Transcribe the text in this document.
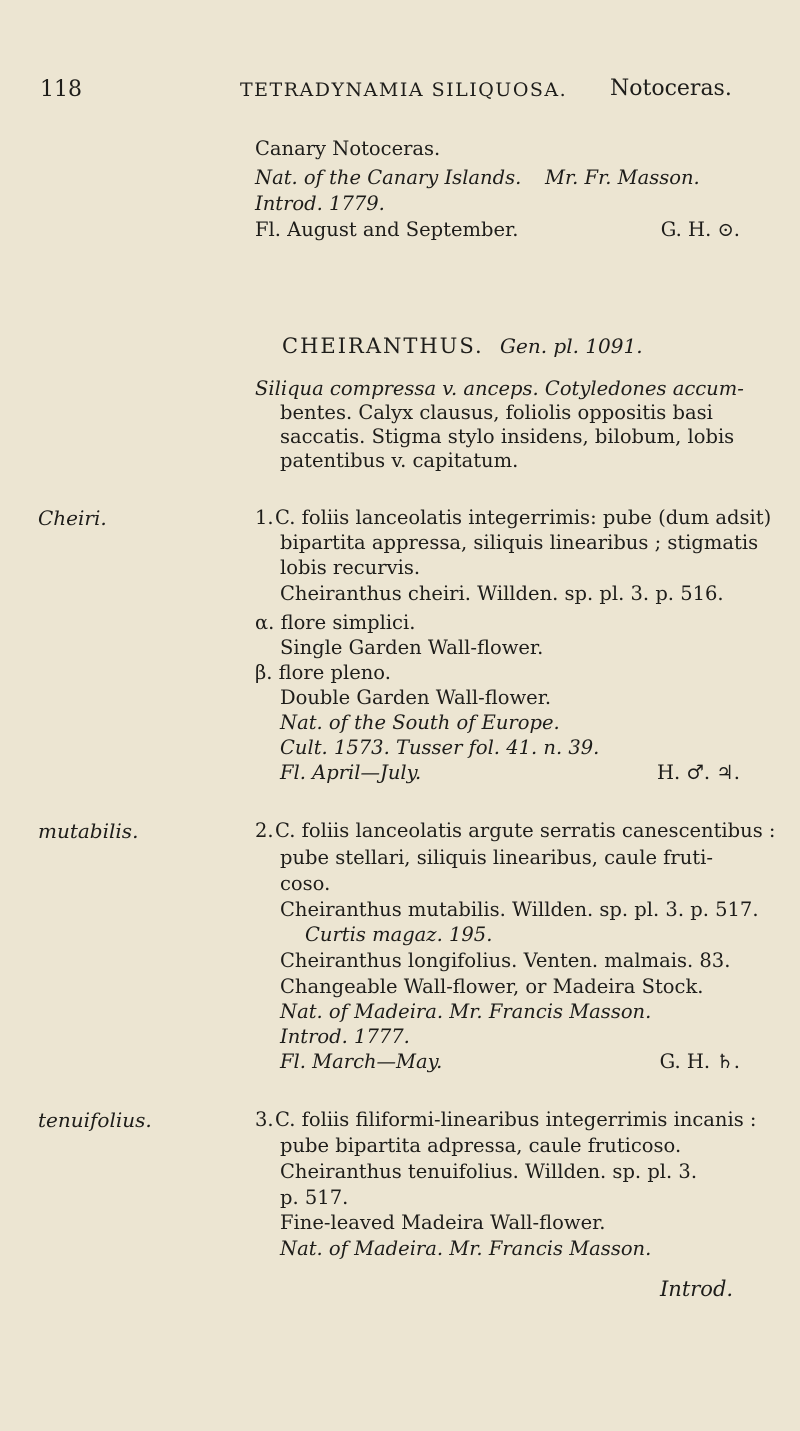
118	TETRADYNAMIA SILIQUOSA. Notoceras.
Canary Notoceras.
Nat. of the Canary Islands. Mr. Fr. Masson.
Introd. 1779.
Fl. August and September.	G. H. ⊙.
CHEIRANTHUS. Gen. pl. 1091.
Siliqua compressa v. anceps. Cotyledones accum-
bentes. Calyx clausus, foliolis oppositis basi
saccatis. Stigma stylo insidens, bilobum, lobis
patentibus v. capitatum.
Cheiri.	1. C. foliis lanceolatis integerrimis: pube (dum adsit)
bipartita appressa, siliquis linearibus ; stigmatis
lobis recurvis.
Cheiranthus cheiri. Willden. sp. pl. 3. p. 516.
α. flore simplici.
Single Garden Wall-flower.
β. flore pleno.
Double Garden Wall-flower.
Nat. of the South of Europe.
Cult. 1573. Tusser fol. 41. n. 39.
Fl. April—July.	H. ♂. ♃.
mutabilis.	2. C. foliis lanceolatis argute serratis canescentibus :
pube stellari, siliquis linearibus, caule fruti-
coso.
Cheiranthus mutabilis. Willden. sp. pl. 3. p. 517.
Curtis magaz. 195.
Cheiranthus longifolius. Venten. malmais. 83.
Changeable Wall-flower, or Madeira Stock.
Nat. of Madeira. Mr. Francis Masson.
Introd. 1777.
Fl. March—May.	G. H. ♄.
tenuifolius.	3. C. foliis filiformi-linearibus integerrimis incanis :
pube bipartita adpressa, caule fruticoso.
Cheiranthus tenuifolius. Willden. sp. pl. 3.
p. 517.
Fine-leaved Madeira Wall-flower.
Nat. of Madeira. Mr. Francis Masson.
Introd.
